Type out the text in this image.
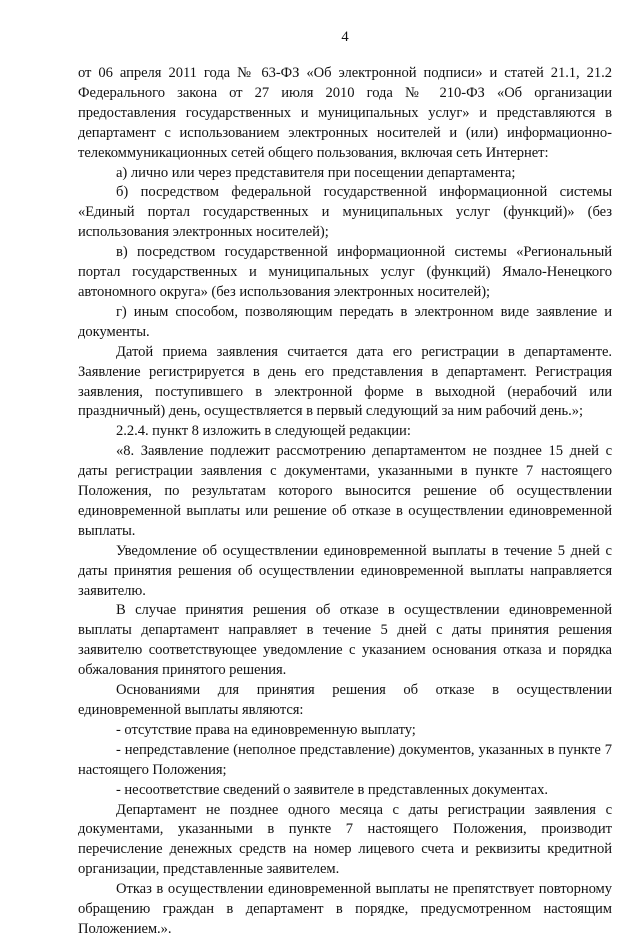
4

от 06 апреля 2011 года № 63-ФЗ «Об электронной подписи» и статей 21.1, 21.2 Федерального закона от 27 июля 2010 года № 210-ФЗ «Об организации предоставления государственных и муниципальных услуг» и представляются в департамент с использованием электронных носителей и (или) информационно-телекоммуникационных сетей общего пользования, включая сеть Интернет:

а) лично или через представителя при посещении департамента;

б) посредством федеральной государственной информационной системы «Единый портал государственных и муниципальных услуг (функций)» (без использования электронных носителей);

в) посредством государственной информационной системы «Региональный портал государственных и муниципальных услуг (функций) Ямало-Ненецкого автономного округа» (без использования электронных носителей);

г) иным способом, позволяющим передать в электронном виде заявление и документы.

Датой приема заявления считается дата его регистрации в департаменте. Заявление регистрируется в день его представления в департамент. Регистрация заявления, поступившего в электронной форме в выходной (нерабочий или праздничный) день, осуществляется в первый следующий за ним рабочий день.»;

2.2.4. пункт 8 изложить в следующей редакции:

«8. Заявление подлежит рассмотрению департаментом не позднее 15 дней с даты регистрации заявления с документами, указанными в пункте 7 настоящего Положения, по результатам которого выносится решение об осуществлении единовременной выплаты или решение об отказе в осуществлении единовременной выплаты.

Уведомление об осуществлении единовременной выплаты в течение 5 дней с даты принятия решения об осуществлении единовременной выплаты направляется заявителю.

В случае принятия решения об отказе в осуществлении единовременной выплаты департамент направляет в течение 5 дней с даты принятия решения заявителю соответствующее уведомление с указанием основания отказа и порядка обжалования принятого решения.

Основаниями для принятия решения об отказе в осуществлении единовременной выплаты являются:

- отсутствие права на единовременную выплату;

- непредставление (неполное представление) документов, указанных в пункте 7 настоящего Положения;

- несоответствие сведений о заявителе в представленных документах.

Департамент не позднее одного месяца с даты регистрации заявления с документами, указанными в пункте 7 настоящего Положения, производит перечисление денежных средств на номер лицевого счета и реквизиты кредитной организации, представленные заявителем.

Отказ в осуществлении единовременной выплаты не препятствует повторному обращению граждан в департамент в порядке, предусмотренном настоящим Положением.».
